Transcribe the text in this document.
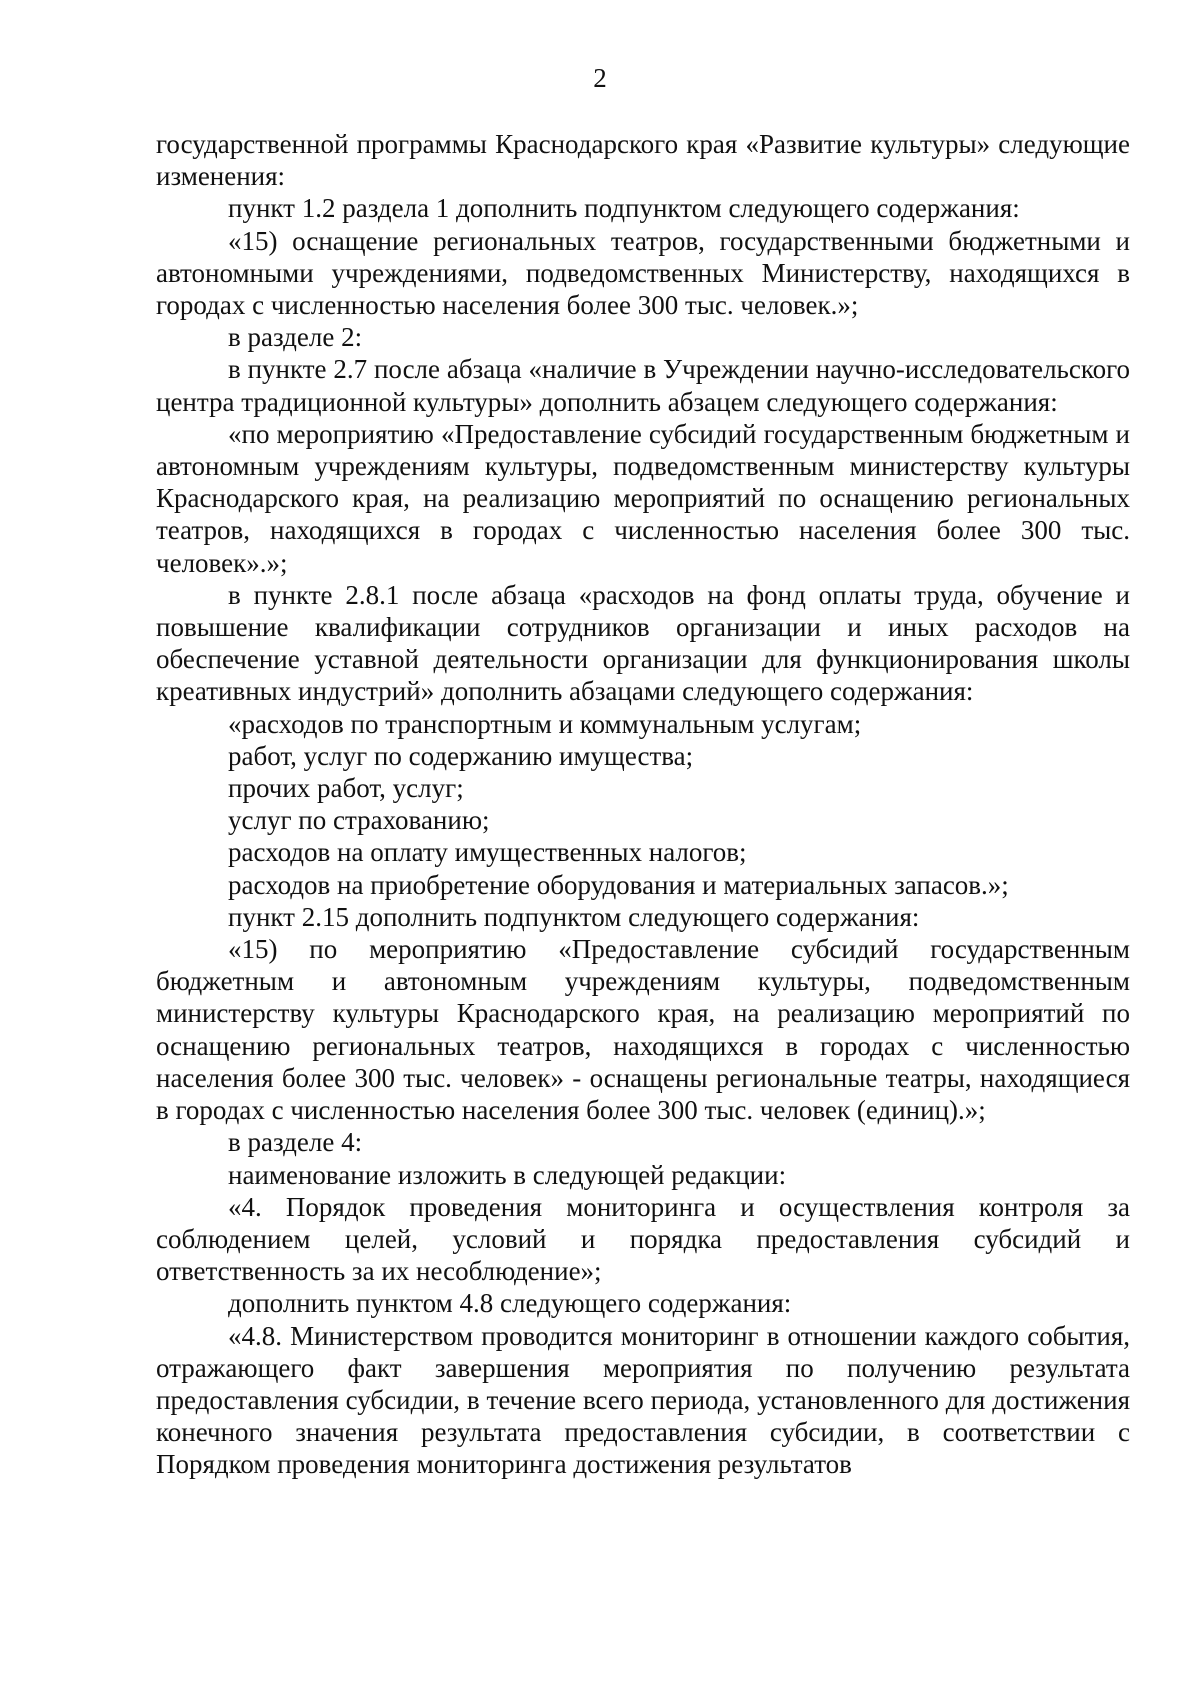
2

государственной программы Краснодарского края «Развитие культуры» следующие изменения:

пункт 1.2 раздела 1 дополнить подпунктом следующего содержания:

«15) оснащение региональных театров, государственными бюджетными и автономными учреждениями, подведомственных Министерству, находящихся в городах с численностью населения более 300 тыс. человек.»;

в разделе 2:

в пункте 2.7 после абзаца «наличие в Учреждении научно-исследовательского центра традиционной культуры» дополнить абзацем следующего содержания:

«по мероприятию «Предоставление субсидий государственным бюджетным и автономным учреждениям культуры, подведомственным министерству культуры Краснодарского края, на реализацию мероприятий по оснащению региональных театров, находящихся в городах с численностью населения более 300 тыс. человек».»;

в пункте 2.8.1 после абзаца «расходов на фонд оплаты труда, обучение и повышение квалификации сотрудников организации и иных расходов на обеспечение уставной деятельности организации для функционирования школы креативных индустрий» дополнить абзацами следующего содержания:

«расходов по транспортным и коммунальным услугам;

работ, услуг по содержанию имущества;

прочих работ, услуг;

услуг по страхованию;

расходов на оплату имущественных налогов;

расходов на приобретение оборудования и материальных запасов.»;

пункт 2.15 дополнить подпунктом следующего содержания:

«15) по мероприятию «Предоставление субсидий государственным бюджетным и автономным учреждениям культуры, подведомственным министерству культуры Краснодарского края, на реализацию мероприятий по оснащению региональных театров, находящихся в городах с численностью населения более 300 тыс. человек» - оснащены региональные театры, находящиеся в городах с численностью населения более 300 тыс. человек (единиц).»;

в разделе 4:

наименование изложить в следующей редакции:

«4. Порядок проведения мониторинга и осуществления контроля за соблюдением целей, условий и порядка предоставления субсидий и ответственность за их несоблюдение»;

дополнить пунктом 4.8 следующего содержания:

«4.8. Министерством проводится мониторинг в отношении каждого события, отражающего факт завершения мероприятия по получению результата предоставления субсидии, в течение всего периода, установленного для достижения конечного значения результата предоставления субсидии, в соответствии с Порядком проведения мониторинга достижения результатов
